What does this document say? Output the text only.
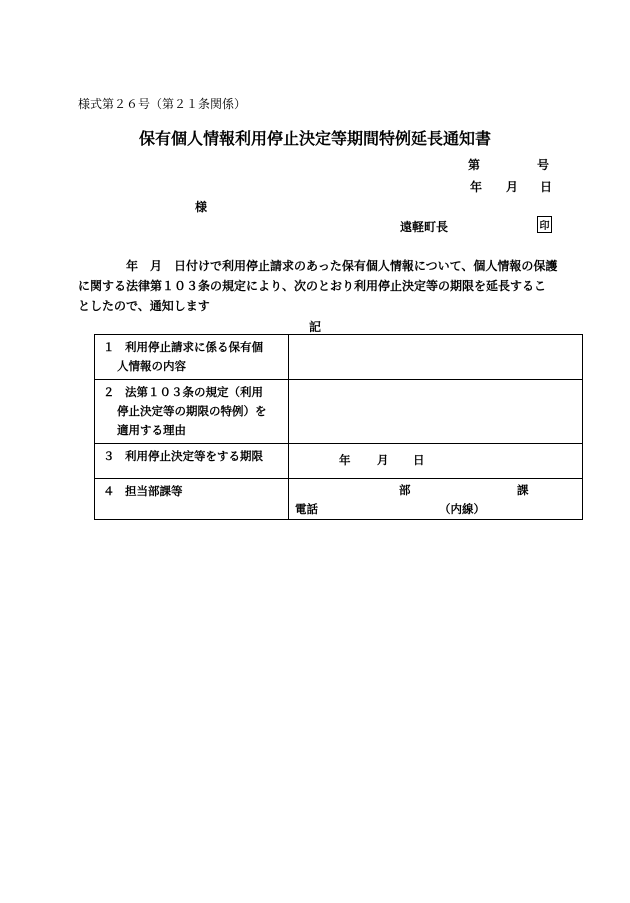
様式第２６号（第２１条関係）
保有個人情報利用停止決定等期間特例延長通知書
第	号
年 月 日
様
遠軽町長	印
年　月　日付けで利用停止請求のあった保有個人情報について、個人情報の保護
に関する法律第１０３条の規定により、次のとおり利用停止決定等の期限を延長するこ
としたので、通知します
記
１ 利用停止請求に係る保有個
人情報の内容	

２ 法第１０３条の規定（利用
停止決定等の期限の特例）を
適用する理由	

３ 利用停止決定等をする期限	年 月 日

４ 担当部課等	部 課
電話 （内線）
